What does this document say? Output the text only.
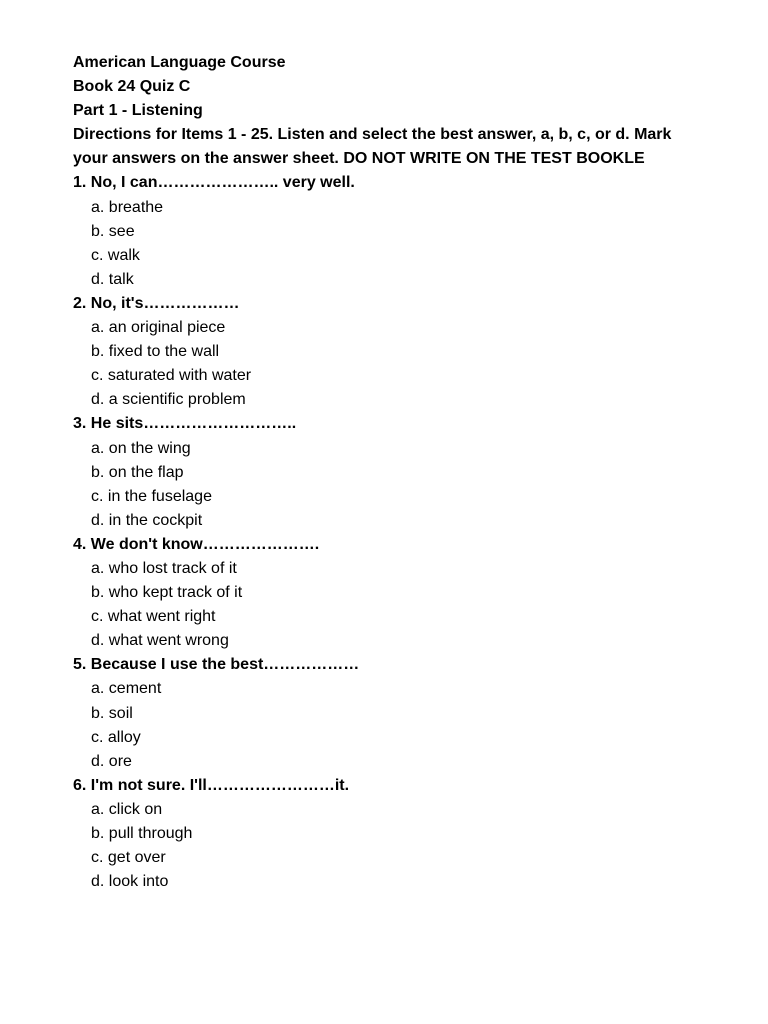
American Language Course
Book 24 Quiz C
Part 1 - Listening
Directions for Items 1 - 25. Listen and select the best answer, a, b, c, or d. Mark
your answers on the answer sheet. DO NOT WRITE ON THE TEST BOOKLE
1. No, I can………………….. very well.
a. breathe
b. see
c. walk
d. talk
2. No, it's………………
a. an original piece
b. fixed to the wall
c. saturated with water
d. a scientific problem
3. He sits………………………..
a. on the wing
b. on the flap
c. in the fuselage
d. in the cockpit
4. We don't know………………….
a. who lost track of it
b. who kept track of it
c. what went right
d. what went wrong
5. Because I use the best………………
a. cement
b. soil
c. alloy
d. ore
6. I'm not sure. I'll……………………it.
a. click on
b. pull through
c. get over
d. look into
